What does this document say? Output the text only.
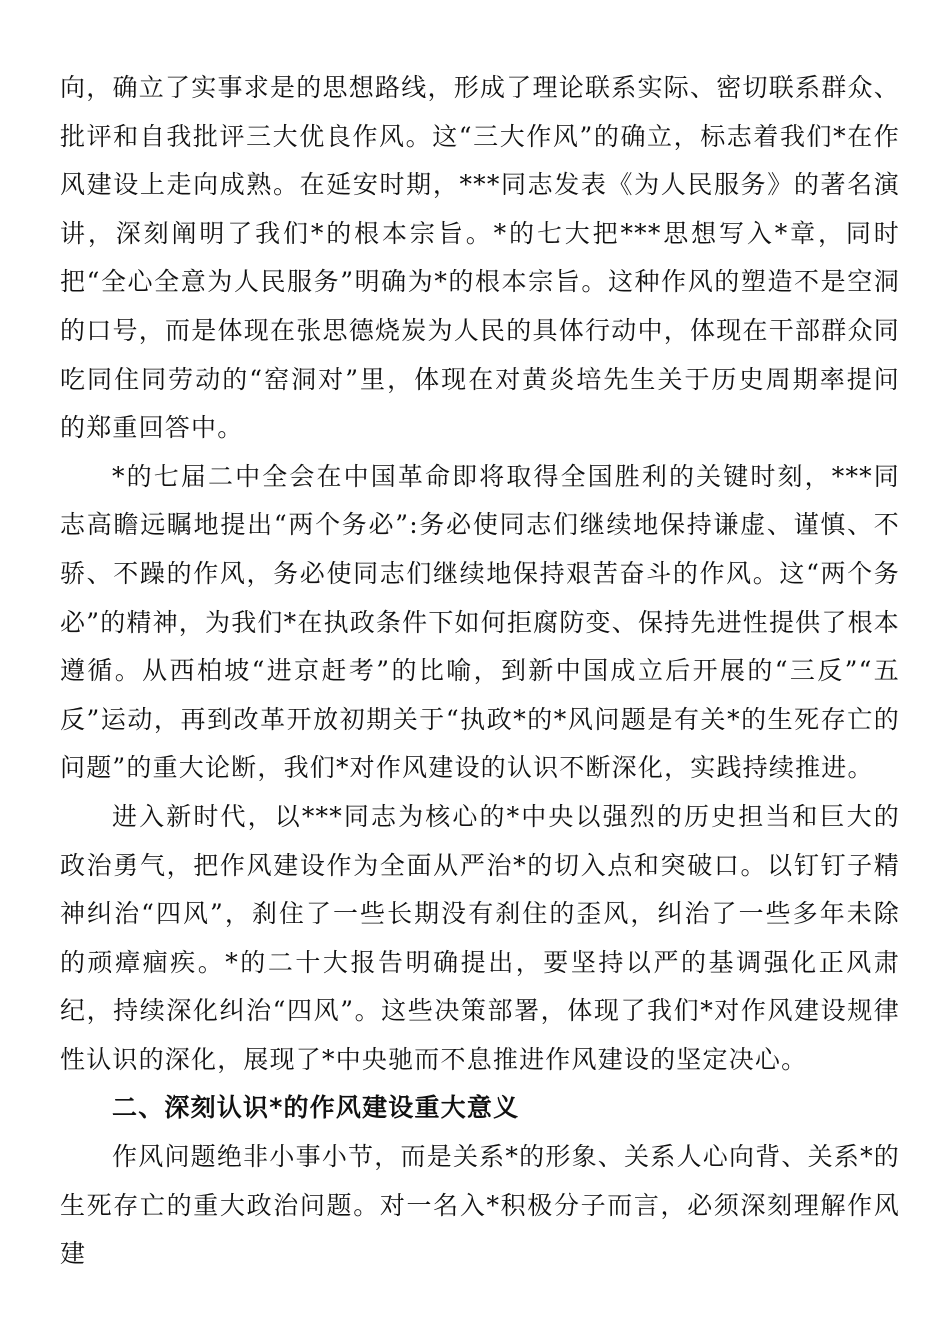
向，确立了实事求是的思想路线，形成了理论联系实际、密切联系群众、批评和自我批评三大优良作风。这“三大作风”的确立，标志着我们*在作风建设上走向成熟。在延安时期，***同志发表《为人民服务》的著名演讲，深刻阐明了我们*的根本宗旨。*的七大把***思想写入*章，同时把“全心全意为人民服务”明确为*的根本宗旨。这种作风的塑造不是空洞的口号，而是体现在张思德烧炭为人民的具体行动中，体现在干部群众同吃同住同劳动的“窑洞对”里，体现在对黄炎培先生关于历史周期率提问的郑重回答中。

*的七届二中全会在中国革命即将取得全国胜利的关键时刻，***同志高瞻远瞩地提出“两个务必”:务必使同志们继续地保持谦虚、谨慎、不骄、不躁的作风，务必使同志们继续地保持艰苦奋斗的作风。这“两个务必”的精神，为我们*在执政条件下如何拒腐防变、保持先进性提供了根本遵循。从西柏坡“进京赶考”的比喻，到新中国成立后开展的“三反”“五反”运动，再到改革开放初期关于“执政*的*风问题是有关*的生死存亡的问题”的重大论断，我们*对作风建设的认识不断深化，实践持续推进。

进入新时代，以***同志为核心的*中央以强烈的历史担当和巨大的政治勇气，把作风建设作为全面从严治*的切入点和突破口。以钉钉子精神纠治“四风”，刹住了一些长期没有刹住的歪风，纠治了一些多年未除的顽瘴痼疾。*的二十大报告明确提出，要坚持以严的基调强化正风肃纪，持续深化纠治“四风”。这些决策部署，体现了我们*对作风建设规律性认识的深化，展现了*中央驰而不息推进作风建设的坚定决心。

二、深刻认识*的作风建设重大意义

作风问题绝非小事小节，而是关系*的形象、关系人心向背、关系*的生死存亡的重大政治问题。对一名入*积极分子而言，必须深刻理解作风建
